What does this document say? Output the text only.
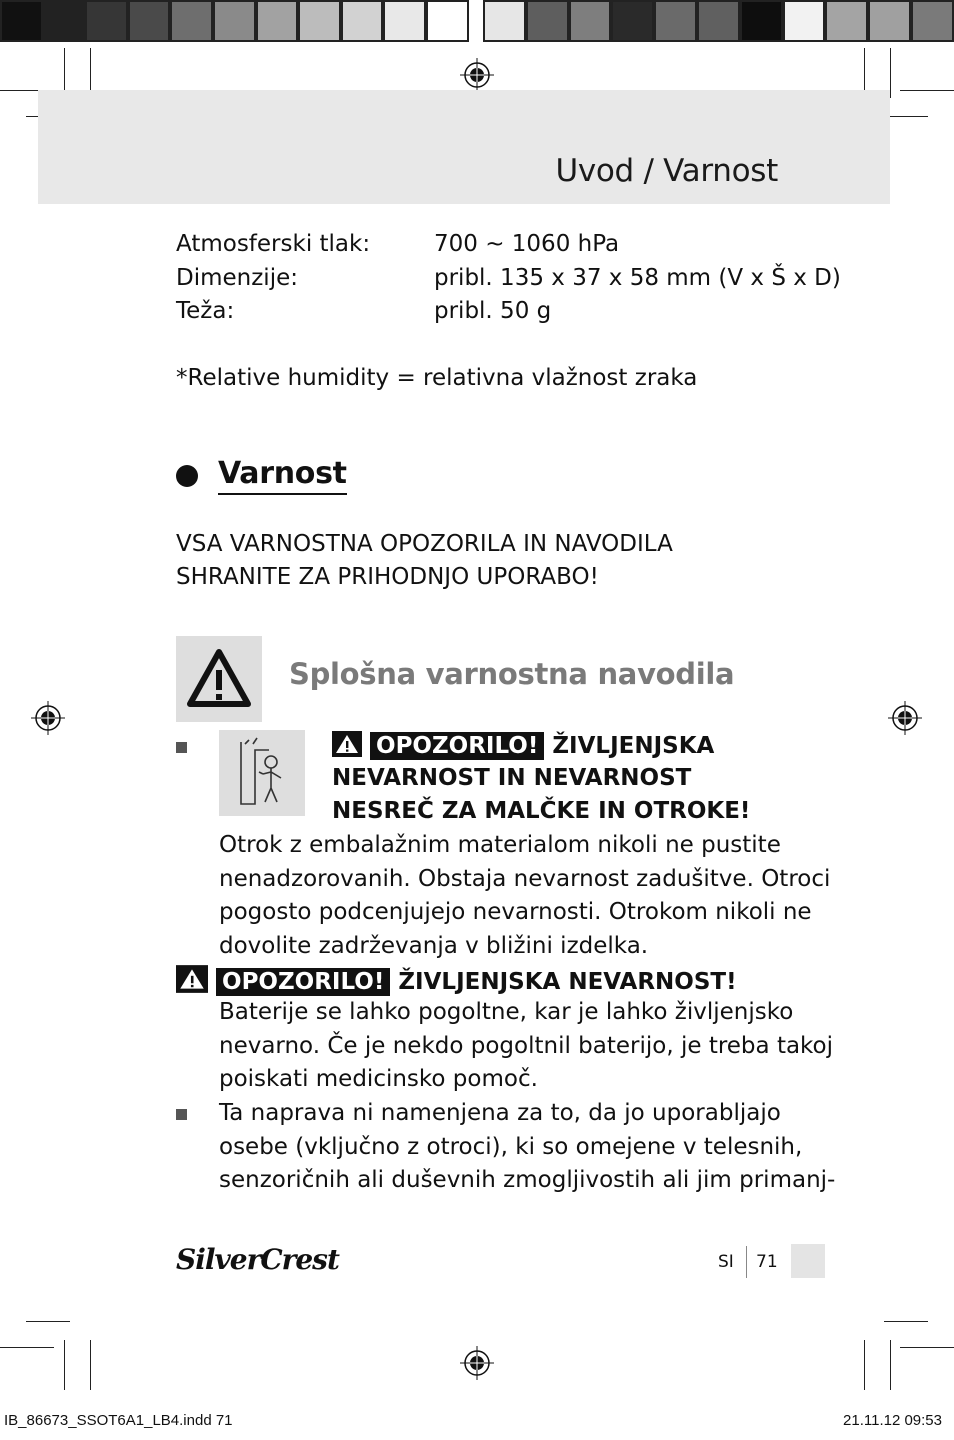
Uvod / Varnost
Atmosferski tlak:	700 ~ 1060 hPa
Dimenzije:	pribl. 135 x 37 x 58 mm (V x Š x D)
Teža:	pribl. 50 g
*Relative humidity = relativna vlažnost zraka
Varnost
VSA VARNOSTNA OPOZORILA IN NAVODILA
SHRANITE ZA PRIHODNJO UPORABO!
Splošna varnostna navodila
OPOZORILO! ŽIVLJENJSKA
NEVARNOST IN NEVARNOST
NESREČ ZA MALČKE IN OTROKE!
Otrok z embalažnim materialom nikoli ne pustite
nenadzorovanih. Obstaja nevarnost zadušitve. Otroci
pogosto podcenjujejo nevarnosti. Otrokom nikoli ne
dovolite zadrževanja v bližini izdelka.
OPOZORILO! ŽIVLJENJSKA NEVARNOST!
Baterije se lahko pogoltne, kar je lahko življenjsko
nevarno. Če je nekdo pogoltnil baterijo, je treba takoj
poiskati medicinsko pomoč.
Ta naprava ni namenjena za to, da jo uporabljajo
osebe (vključno z otroci), ki so omejene v telesnih,
senzoričnih ali duševnih zmogljivostih ali jim primanj-
SilverCrest	SI 71
IB_86673_SSOT6A1_LB4.indd 71	21.11.12 09:53
